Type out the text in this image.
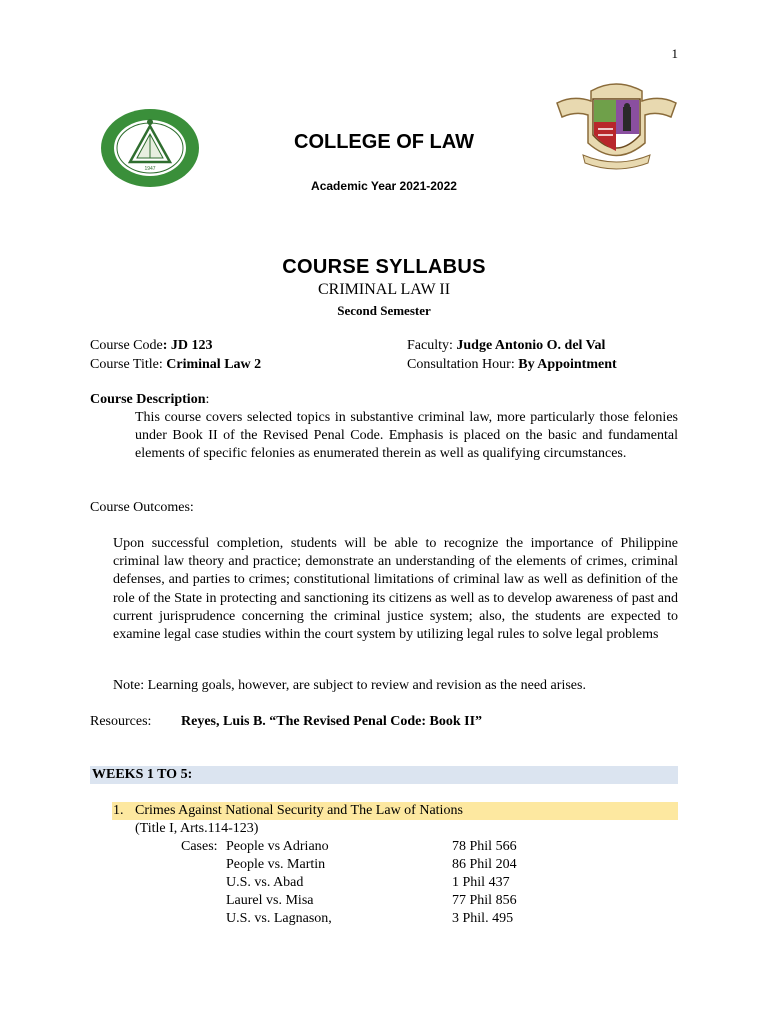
1
1947
COLLEGE OF LAW
Academic Year 2021-2022
COURSE SYLLABUS
CRIMINAL LAW II
Second Semester
Course Code: JD 123
Course Title: Criminal Law 2
Faculty: Judge Antonio O. del Val
Consultation Hour: By Appointment
Course Description:
This course covers selected topics in substantive criminal law, more particularly those felonies under Book II of the Revised Penal Code. Emphasis is placed on the basic and fundamental elements of specific felonies as enumerated therein as well as qualifying circumstances.
Course Outcomes:
Upon successful completion, students will be able to recognize the importance of Philippine criminal law theory and practice; demonstrate an understanding of the elements of crimes, criminal defenses, and parties to crimes; constitutional limitations of criminal law as well as definition of the role of the State in protecting and sanctioning its citizens as well as to develop awareness of past and current jurisprudence concerning the criminal justice system; also, the students are expected to examine legal case studies within the court system by utilizing legal rules to solve legal problems
Note: Learning goals, however, are subject to review and revision as the need arises.
Resources: Reyes, Luis B. “The Revised Penal Code: Book II”
WEEKS 1 TO 5:
1. Crimes Against National Security and The Law of Nations
(Title I, Arts.114-123)
Cases: People vs Adriano	78 Phil 566
People vs. Martin	86 Phil 204
U.S. vs. Abad	1 Phil 437
Laurel vs. Misa	77 Phil 856
U.S. vs. Lagnason,	3 Phil. 495
